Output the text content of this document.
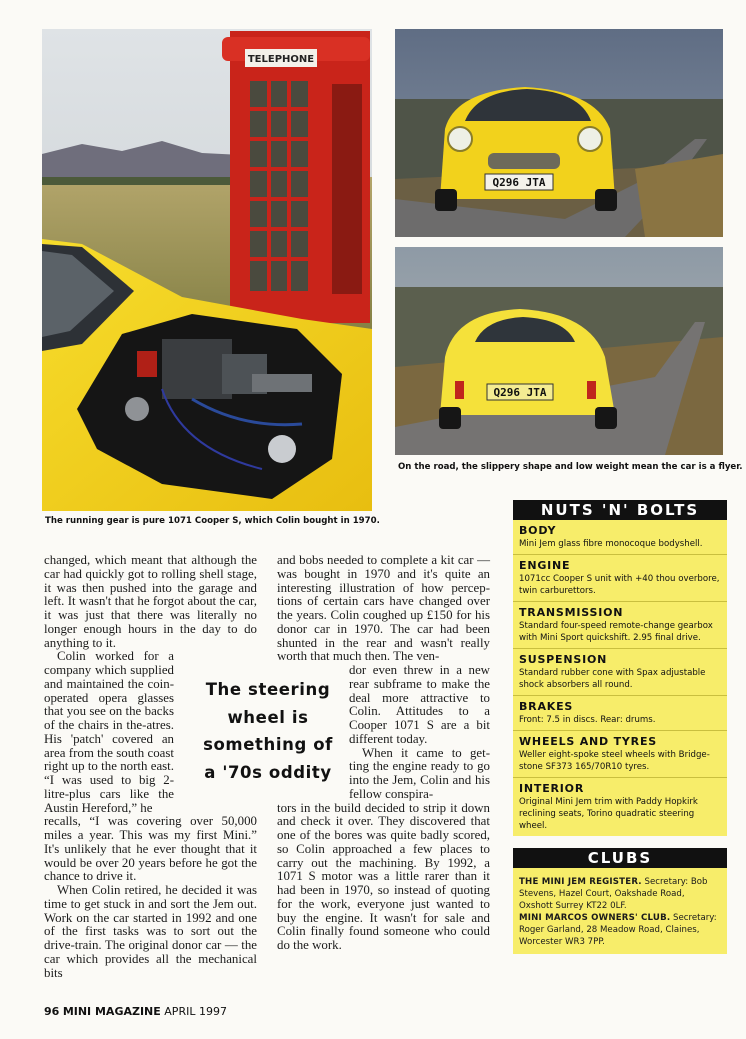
TELEPHONE
The running gear is pure 1071 Cooper S, which Colin bought in 1970.
Q296 JTA
Q296 JTA
On the road, the slippery shape and low weight mean the car is a flyer.

changed, which meant that although the car had quickly got to rolling shell stage, it was then pushed into the garage and left. It wasn't that he forgot about the car, it was just that there was literally no longer enough hours in the day to do anything to it.

Colin worked for a company which supplied and maintained the coin-operated opera glasses that you see on the backs of the chairs in the-atres. His 'patch' covered an area from the south coast right up to the north east. “I was used to big 2-litre-plus cars like the Austin Hereford,” he

recalls, “I was covering over 50,000 miles a year. This was my first Mini.” It's unlikely that he ever thought that it would be over 20 years before he got the chance to drive it.

When Colin retired, he decided it was time to get stuck in and sort the Jem out. Work on the car started in 1992 and one of the first tasks was to sort out the drive-train. The original donor car — the car which provides all the mechanical bits

The steering
wheel is
something of
a '70s oddity

and bobs needed to complete a kit car — was bought in 1970 and it's quite an interesting illustration of how percep-tions of certain cars have changed over the years. Colin coughed up £150 for his donor car in 1970. The car had been shunted in the rear and wasn't really worth that much then. The ven-

dor even threw in a new rear subframe to make the deal more attractive to Colin. Attitudes to a Cooper 1071 S are a bit different today.

When it came to get-ting the engine ready to go into the Jem, Colin and his fellow conspira-

tors in the build decided to strip it down and check it over. They discovered that one of the bores was quite badly scored, so Colin approached a few places to carry out the machining. By 1992, a 1071 S motor was a little rarer than it had been in 1970, so instead of quoting for the work, everyone just wanted to buy the engine. It wasn't for sale and Colin finally found someone who could do the work.

NUTS 'N' BOLTS
BODY
Mini Jem glass fibre monocoque bodyshell.
ENGINE
1071cc Cooper S unit with +40 thou overbore, twin carburettors.
TRANSMISSION
Standard four-speed remote-change gearbox with Mini Sport quickshift. 2.95 final drive.
SUSPENSION
Standard rubber cone with Spax adjustable shock absorbers all round.
BRAKES
Front: 7.5 in discs. Rear: drums.
WHEELS AND TYRES
Weller eight-spoke steel wheels with Bridge-stone SF373 165/70R10 tyres.
INTERIOR
Original Mini Jem trim with Paddy Hopkirk reclining seats, Torino quadratic steering wheel.
CLUBS

THE MINI JEM REGISTER. Secretary: Bob Stevens, Hazel Court, Oakshade Road, Oxshott Surrey KT22 0LF.

MINI MARCOS OWNERS' CLUB. Secretary: Roger Garland, 28 Meadow Road, Claines, Worcester WR3 7PP.

96 MINI MAGAZINE APRIL 1997
